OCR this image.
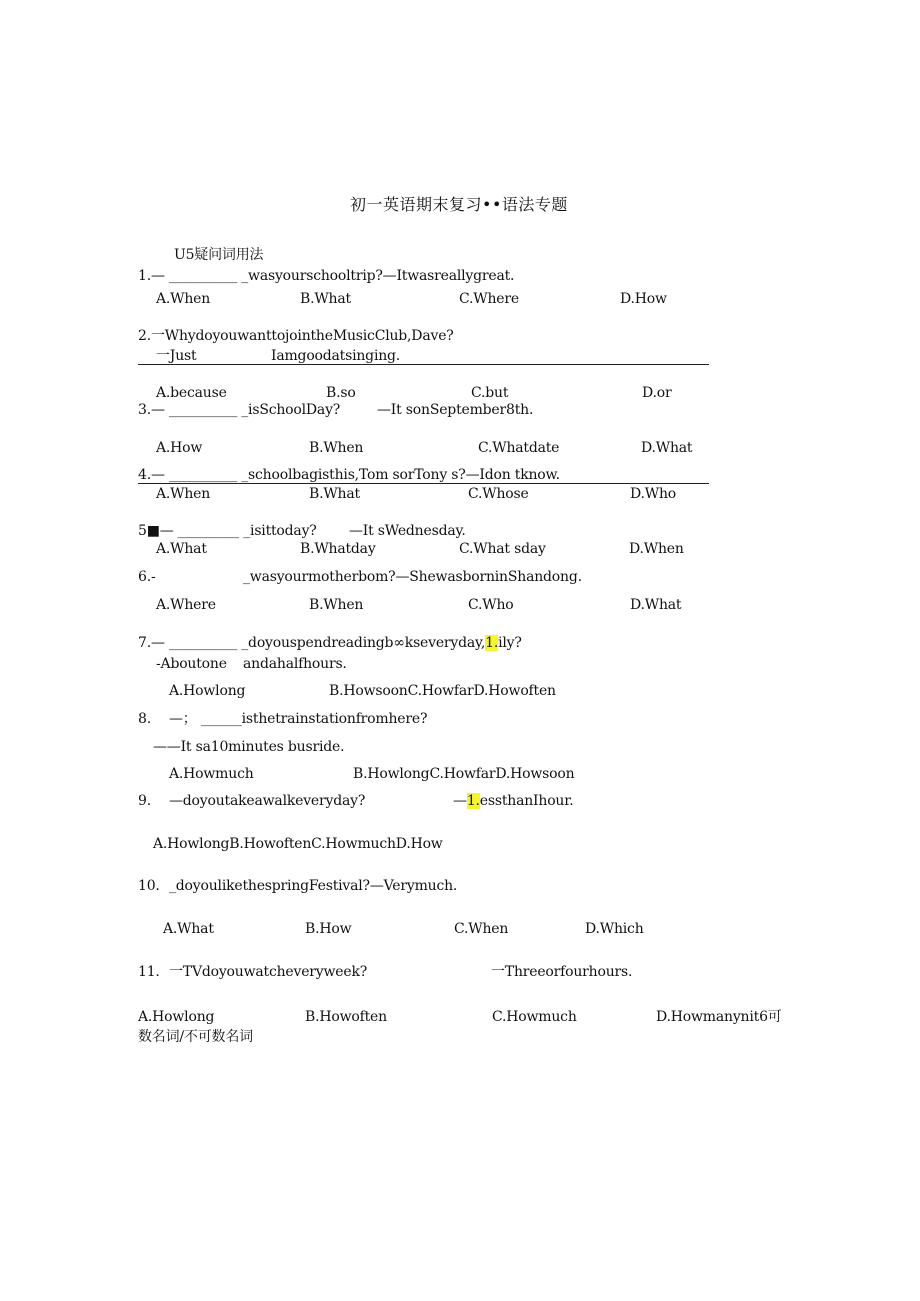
初一英语期末复习••语法专题
U5疑问词用法
1.— __________ _wasyourschooltrip?—Itwasreallygreat.
A.When	B.What	C.Where	D.How
2.一WhydoyouwanttojointheMusicClub,Dave?
一Just	Iamgoodatsinging.
A.because	B.so	C.but	D.or
3.— __________ _isSchoolDay?	—It sonSeptember8th.
A.How	B.When	C.Whatdate	D.What
4.— __________ _schoolbagisthis,Tom sorTony s?—Idon tknow.
A.When	B.What	C.Whose	D.Who
5■— _________ _isittoday? —It sWednesday.
A.What	B.Whatday	C.What sday	D.When
6.-	_wasyourmotherbom?—ShewasborninShandong.
A.Where	B.When	C.Who	D.What
7.— __________ _doyouspendreadingb∞kseveryday,1.ily?
-Aboutone andahalfhours.
A.Howlong	B.HowsoonC.HowfarD.Howoften
8. —； ______isthetrainstationfromhere?
——It sa10minutes busride.
A.Howmuch	B.HowlongC.HowfarD.Howsoon
9. —doyoutakeawalkeveryday?	—1.essthanIhour.
A.HowlongB.HowoftenC.HowmuchD.How
10. _doyoulikethespringFestival?—Verymuch.
A.What	B.How	C.When	D.Which
11. 一TVdoyouwatcheveryweek?	一Threeorfourhours.
A.Howlong	B.Howoften	C.Howmuch	D.Howmanynit6可
数名词/不可数名词
